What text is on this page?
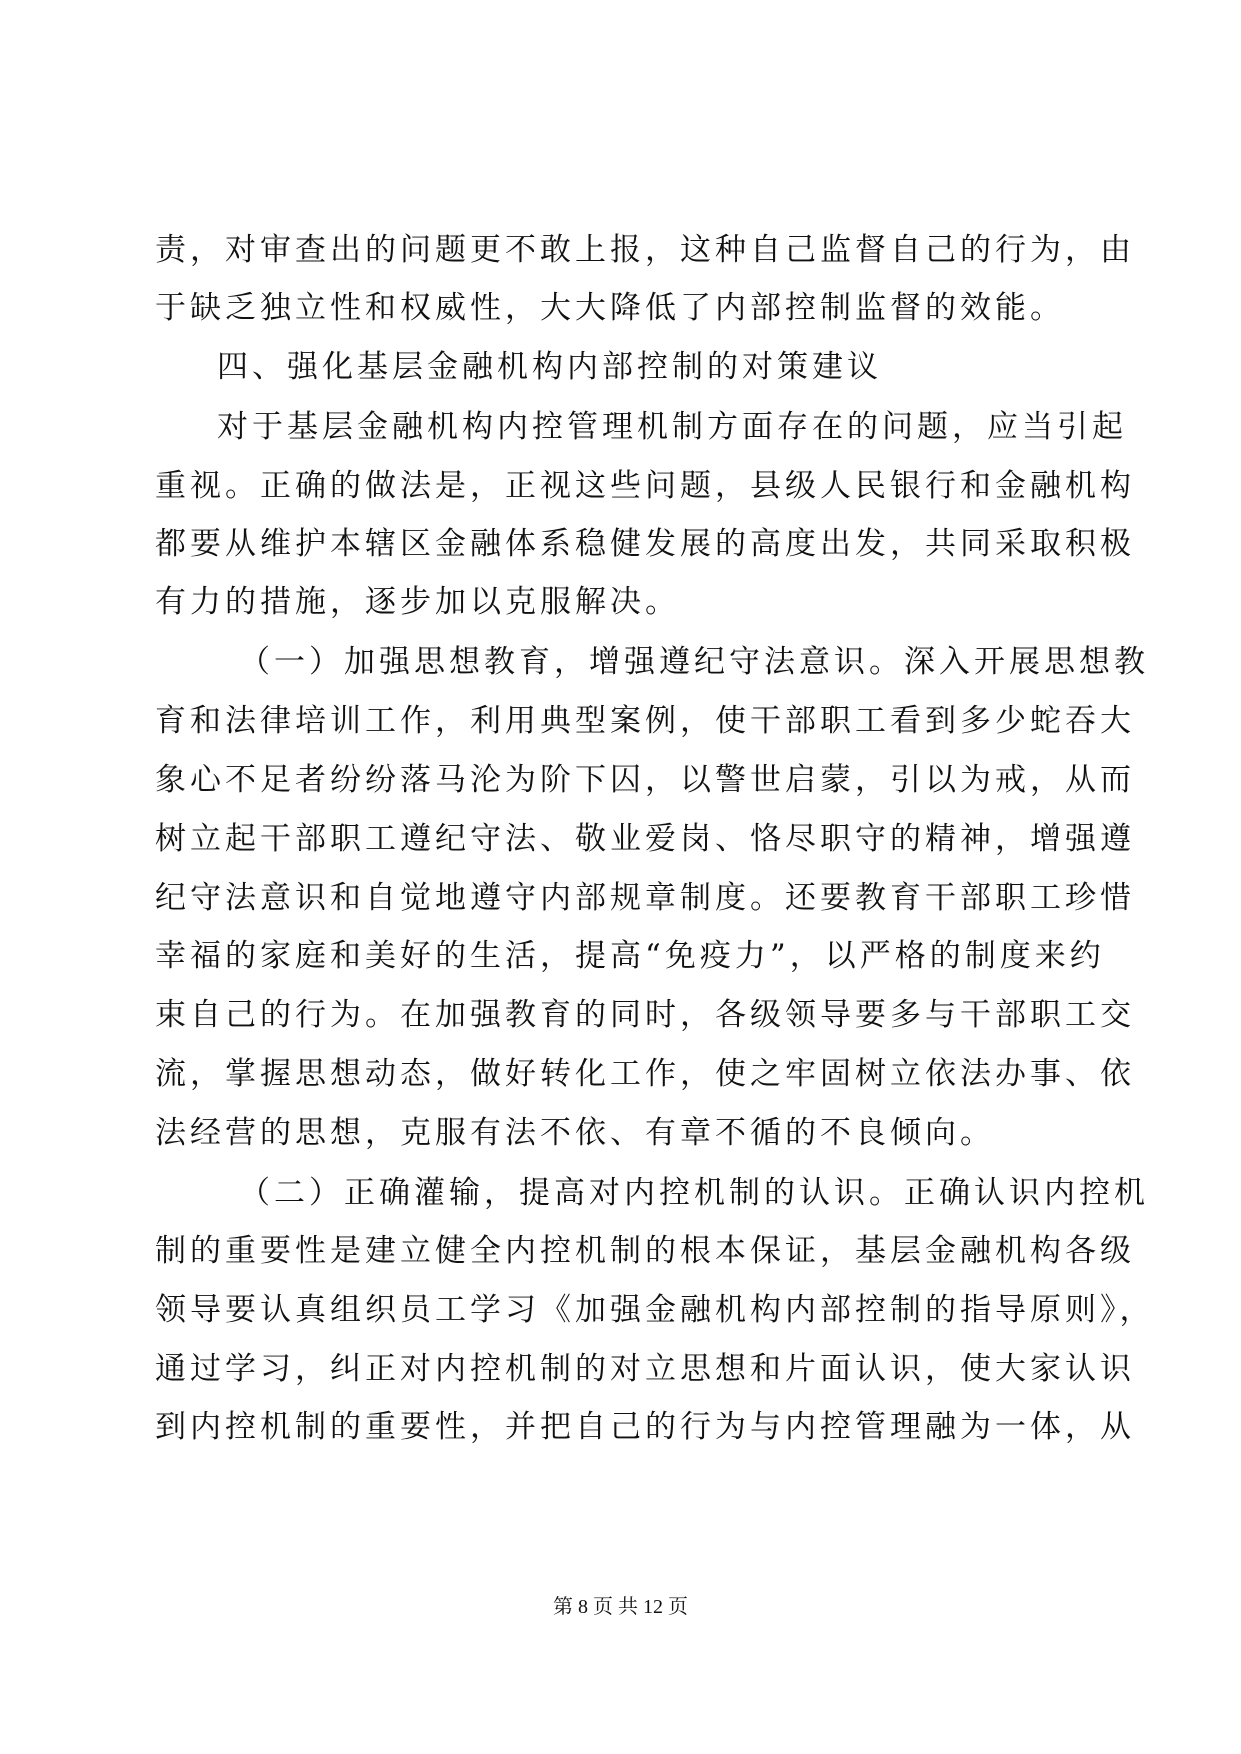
责，对审查出的问题更不敢上报，这种自己监督自己的行为，由
于缺乏独立性和权威性，大大降低了内部控制监督的效能。
四、强化基层金融机构内部控制的对策建议
对于基层金融机构内控管理机制方面存在的问题，应当引起
重视。正确的做法是，正视这些问题，县级人民银行和金融机构
都要从维护本辖区金融体系稳健发展的高度出发，共同采取积极
有力的措施，逐步加以克服解决。
（一）加强思想教育，增强遵纪守法意识。深入开展思想教
育和法律培训工作，利用典型案例，使干部职工看到多少蛇吞大
象心不足者纷纷落马沦为阶下囚，以警世启蒙，引以为戒，从而
树立起干部职工遵纪守法、敬业爱岗、恪尽职守的精神，增强遵
纪守法意识和自觉地遵守内部规章制度。还要教育干部职工珍惜
幸福的家庭和美好的生活，提高“免疫力”，以严格的制度来约
束自己的行为。在加强教育的同时，各级领导要多与干部职工交
流，掌握思想动态，做好转化工作，使之牢固树立依法办事、依
法经营的思想，克服有法不依、有章不循的不良倾向。
（二）正确灌输，提高对内控机制的认识。正确认识内控机
制的重要性是建立健全内控机制的根本保证，基层金融机构各级
领导要认真组织员工学习《加强金融机构内部控制的指导原则》，
通过学习，纠正对内控机制的对立思想和片面认识，使大家认识
到内控机制的重要性，并把自己的行为与内控管理融为一体，从
第 8 页 共 12 页
